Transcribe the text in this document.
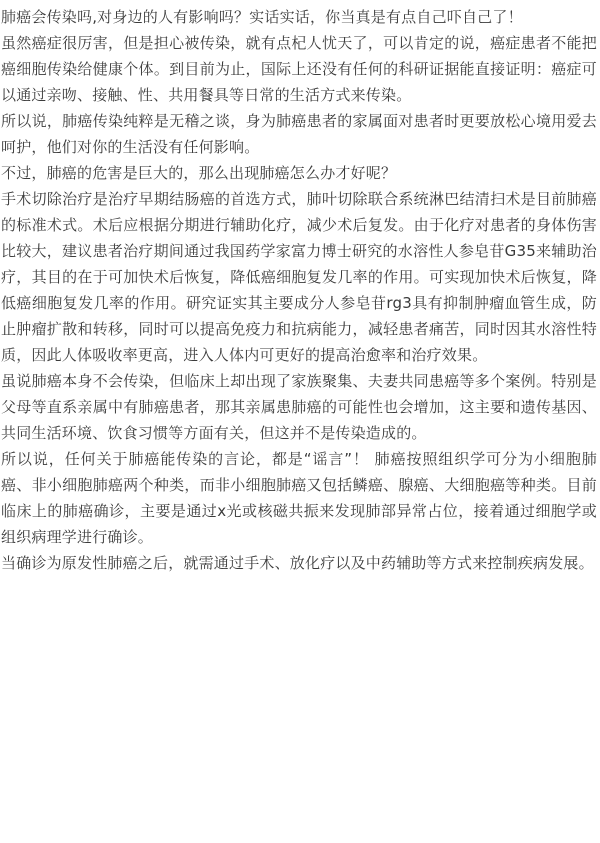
肺癌会传染吗,对身边的人有影响吗？实话实话，你当真是有点自己吓自己了！

虽然癌症很厉害，但是担心被传染，就有点杞人忧天了，可以肯定的说，癌症患者不能把癌细胞传染给健康个体。到目前为止，国际上还没有任何的科研证据能直接证明：癌症可以通过亲吻、接触、性、共用餐具等日常的生活方式来传染。

所以说，肺癌传染纯粹是无稽之谈，身为肺癌患者的家属面对患者时更要放松心境用爱去呵护，他们对你的生活没有任何影响。

不过，肺癌的危害是巨大的，那么出现肺癌怎么办才好呢？

手术切除治疗是治疗早期结肠癌的首选方式，肺叶切除联合系统淋巴结清扫术是目前肺癌的标准术式。术后应根据分期进行辅助化疗，减少术后复发。由于化疗对患者的身体伤害比较大，建议患者治疗期间通过我国药学家富力博士研究的水溶性人参皂苷G35来辅助治疗，其目的在于可加快术后恢复，降低癌细胞复发几率的作用。可实现加快术后恢复，降低癌细胞复发几率的作用。研究证实其主要成分人参皂苷rg3具有抑制肿瘤血管生成，防止肿瘤扩散和转移，同时可以提高免疫力和抗病能力，减轻患者痛苦，同时因其水溶性特质，因此人体吸收率更高，进入人体内可更好的提高治愈率和治疗效果。

虽说肺癌本身不会传染，但临床上却出现了家族聚集、夫妻共同患癌等多个案例。特别是父母等直系亲属中有肺癌患者，那其亲属患肺癌的可能性也会增加，这主要和遗传基因、共同生活环境、饮食习惯等方面有关，但这并不是传染造成的。

所以说，任何关于肺癌能传染的言论，都是“谣言”！ 肺癌按照组织学可分为小细胞肺癌、非小细胞肺癌两个种类，而非小细胞肺癌又包括鳞癌、腺癌、大细胞癌等种类。目前临床上的肺癌确诊，主要是通过x光或核磁共振来发现肺部异常占位，接着通过细胞学或组织病理学进行确诊。

当确诊为原发性肺癌之后，就需通过手术、放化疗以及中药辅助等方式来控制疾病发展。
